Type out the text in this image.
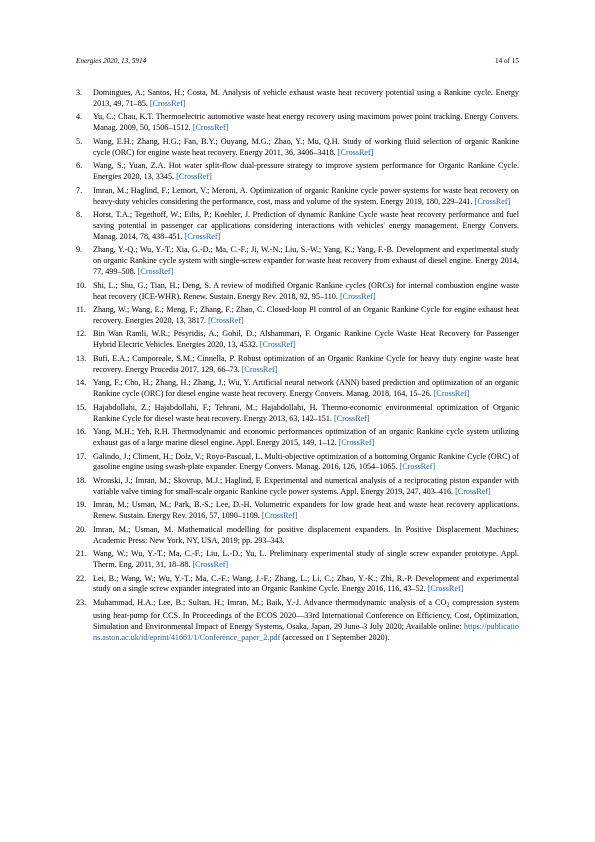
Energies 2020, 13, 5914	14 of 15
3.	Domingues, A.; Santos, H.; Costa, M. Analysis of vehicle exhaust waste heat recovery potential using a Rankine cycle. Energy 2013, 49, 71–85. [CrossRef]
4.	Yu, C.; Chau, K.T. Thermoelectric automotive waste heat energy recovery using maximum power point tracking. Energy Convers. Manag. 2009, 50, 1506–1512. [CrossRef]
5.	Wang, E.H.; Zhang, H.G.; Fan, B.Y.; Ouyang, M.G.; Zhao, Y.; Mu, Q.H. Study of working fluid selection of organic Rankine cycle (ORC) for engine waste heat recovery. Energy 2011, 36, 3406–3418. [CrossRef]
6.	Wang, S.; Yuan, Z.A. Hot water split-flow dual-pressure strategy to improve system performance for Organic Rankine Cycle. Energies 2020, 13, 3345. [CrossRef]
7.	Imran, M.; Haglind, F.; Lemort, V.; Meroni, A. Optimization of organic Rankine cycle power systems for waste heat recovery on heavy-duty vehicles considering the performance, cost, mass and volume of the system. Energy 2019, 180, 229–241. [CrossRef]
8.	Horst, T.A.; Tegethoff, W.; Eilts, P.; Koehler, J. Prediction of dynamic Rankine Cycle waste heat recovery performance and fuel saving potential in passenger car applications considering interactions with vehicles' energy management. Energy Convers. Manag. 2014, 78, 438–451. [CrossRef]
9.	Zhang, Y.-Q.; Wu, Y.-T.; Xia, G.-D.; Ma, C.-F.; Ji, W.-N.; Liu, S.-W.; Yang, K.; Yang, F.-B. Development and experimental study on organic Rankine cycle system with single-screw expander for waste heat recovery from exhaust of diesel engine. Energy 2014, 77, 499–508. [CrossRef]
10. Shi, L.; Shu, G.; Tian, H.; Deng, S. A review of modified Organic Rankine cycles (ORCs) for internal combustion engine waste heat recovery (ICE-WHR). Renew. Sustain. Energy Rev. 2018, 92, 95–110. [CrossRef]
11. Zhang, W.; Wang, E.; Meng, F.; Zhang, F.; Zhao, C. Closed-loop PI control of an Organic Rankine Cycle for engine exhaust heat recovery. Energies 2020, 13, 3817. [CrossRef]
12. Bin Wan Ramli, W.R.; Pesyridis, A.; Gohil, D.; Alshammari, F. Organic Rankine Cycle Waste Heat Recovery for Passenger Hybrid Electric Vehicles. Energies 2020, 13, 4532. [CrossRef]
13. Bufi, E.A.; Camporeale, S.M.; Cinnella, P. Robust optimization of an Organic Rankine Cycle for heavy duty engine waste heat recovery. Energy Procedia 2017, 129, 66–73. [CrossRef]
14. Yang, F.; Cho, H.; Zhang, H.; Zhang, J.; Wu, Y. Artificial neural network (ANN) based prediction and optimization of an organic Rankine cycle (ORC) for diesel engine waste heat recovery. Energy Convers. Manag. 2018, 164, 15–26. [CrossRef]
15. Hajabdollahi, Z.; Hajabdollahi, F.; Tehrani, M.; Hajabdollahi, H. Thermo-economic environmental optimization of Organic Rankine Cycle for diesel waste heat recovery. Energy 2013, 63, 142–151. [CrossRef]
16. Yang, M.H.; Yeh, R.H. Thermodynamic and economic performances optimization of an organic Rankine cycle system utilizing exhaust gas of a large marine diesel engine. Appl. Energy 2015, 149, 1–12. [CrossRef]
17. Galindo, J.; Climent, H.; Dolz, V.; Royo-Pascual, L. Multi-objective optimization of a bottoming Organic Rankine Cycle (ORC) of gasoline engine using swash-plate expander. Energy Convers. Manag. 2016, 126, 1054–1065. [CrossRef]
18. Wronski, J.; Imran, M.; Skovrup, M.J.; Haglind, F. Experimental and numerical analysis of a reciprocating piston expander with variable valve timing for small-scale organic Rankine cycle power systems. Appl. Energy 2019, 247, 403–416. [CrossRef]
19. Imran, M.; Usman, M.; Park, B.-S.; Lee, D.-H. Volumetric expanders for low grade heat and waste heat recovery applications. Renew. Sustain. Energy Rev. 2016, 57, 1090–1109. [CrossRef]
20. Imran, M.; Usman, M. Mathematical modelling for positive displacement expanders. In Positive Displacement Machines; Academic Press: New York, NY, USA, 2019; pp. 293–343.
21. Wang, W.; Wu, Y.-T.; Ma, C.-F.; Liu, L.-D.; Yu, L. Preliminary experimental study of single screw expander prototype. Appl. Therm. Eng. 2011, 31, 18–88. [CrossRef]
22. Lei, B.; Wang, W.; Wu, Y.-T.; Ma, C.-F.; Wang, J.-F.; Zhang, L.; Li, C.; Zhao, Y.-K.; Zhi, R.-P. Development and experimental study on a single screw expander integrated into an Organic Rankine Cycle. Energy 2016, 116, 43–52. [CrossRef]
23. Muhammad, H.A.; Lee, B.; Sultan, H.; Imran, M.; Baik, Y.-J. Advance thermodynamic analysis of a $CO_2$ compression system using heat-pump for CCS. In Proceedings of the ECOS 2020—33rd International Conference on Efficiency, Cost, Optimization, Simulation and Environmental Impact of Energy Systems, Osaka, Japan, 29 June–3 July 2020; Available online: https://publications.aston.ac.uk/id/eprint/41661/1/Conference_paper_2.pdf (accessed on 1 September 2020).
